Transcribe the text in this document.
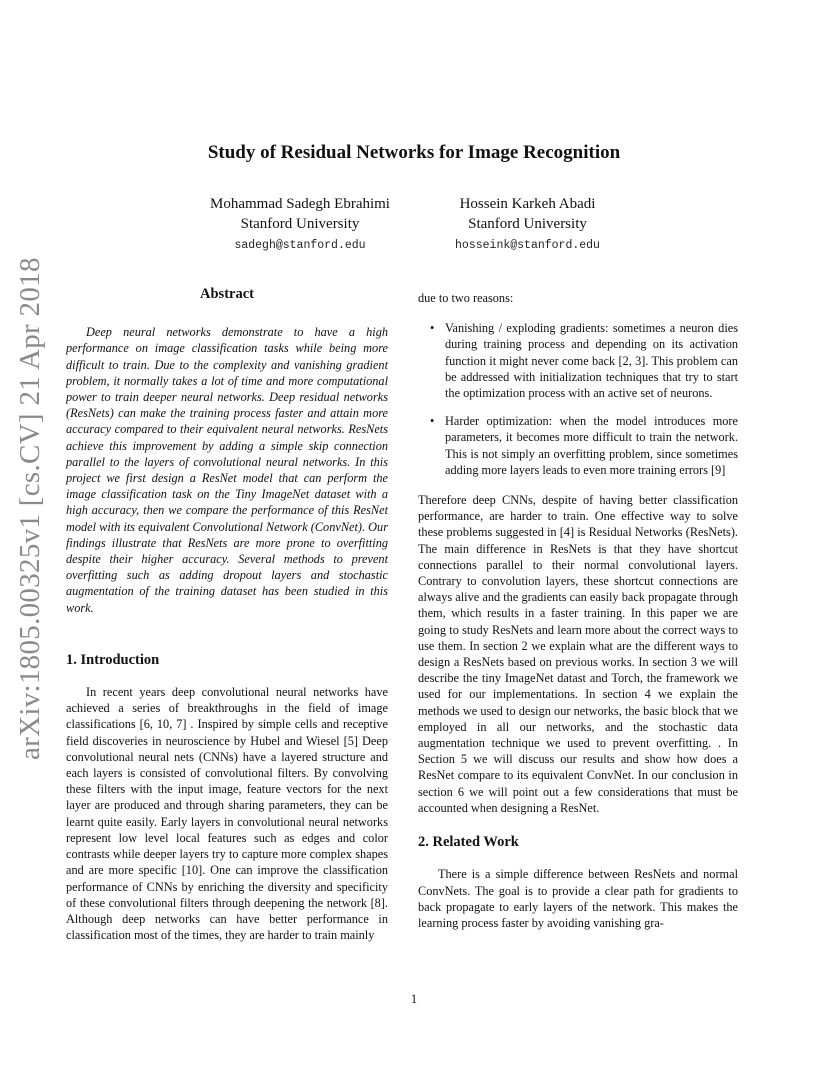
arXiv:1805.00325v1 [cs.CV] 21 Apr 2018
Study of Residual Networks for Image Recognition
Mohammad Sadegh Ebrahimi
Stanford University
sadegh@stanford.edu
Hossein Karkeh Abadi
Stanford University
hosseink@stanford.edu
Abstract

Deep neural networks demonstrate to have a high performance on image classification tasks while being more difficult to train. Due to the complexity and vanishing gradient problem, it normally takes a lot of time and more computational power to train deeper neural networks. Deep residual networks (ResNets) can make the training process faster and attain more accuracy compared to their equivalent neural networks. ResNets achieve this improvement by adding a simple skip connection parallel to the layers of convolutional neural networks. In this project we first design a ResNet model that can perform the image classification task on the Tiny ImageNet dataset with a high accuracy, then we compare the performance of this ResNet model with its equivalent Convolutional Network (ConvNet). Our findings illustrate that ResNets are more prone to overfitting despite their higher accuracy. Several methods to prevent overfitting such as adding dropout layers and stochastic augmentation of the training dataset has been studied in this work.

1. Introduction

In recent years deep convolutional neural networks have achieved a series of breakthroughs in the field of image classifications [6, 10, 7] . Inspired by simple cells and receptive field discoveries in neuroscience by Hubel and Wiesel [5] Deep convolutional neural nets (CNNs) have a layered structure and each layers is consisted of convolutional filters. By convolving these filters with the input image, feature vectors for the next layer are produced and through sharing parameters, they can be learnt quite easily. Early layers in convolutional neural networks represent low level local features such as edges and color contrasts while deeper layers try to capture more complex shapes and are more specific [10]. One can improve the classification performance of CNNs by enriching the diversity and specificity of these convolutional filters through deepening the network [8]. Although deep networks can have better performance in classification most of the times, they are harder to train mainly

due to two reasons:

• Vanishing / exploding gradients: sometimes a neuron dies during training process and depending on its activation function it might never come back [2, 3]. This problem can be addressed with initialization techniques that try to start the optimization process with an active set of neurons.
• Harder optimization: when the model introduces more parameters, it becomes more difficult to train the network. This is not simply an overfitting problem, since sometimes adding more layers leads to even more training errors [9]

Therefore deep CNNs, despite of having better classification performance, are harder to train. One effective way to solve these problems suggested in [4] is Residual Networks (ResNets). The main difference in ResNets is that they have shortcut connections parallel to their normal convolutional layers. Contrary to convolution layers, these shortcut connections are always alive and the gradients can easily back propagate through them, which results in a faster training. In this paper we are going to study ResNets and learn more about the correct ways to use them. In section 2 we explain what are the different ways to design a ResNets based on previous works. In section 3 we will describe the tiny ImageNet datast and Torch, the framework we used for our implementations. In section 4 we explain the methods we used to design our networks, the basic block that we employed in all our networks, and the stochastic data augmentation technique we used to prevent overfitting. . In Section 5 we will discuss our results and show how does a ResNet compare to its equivalent ConvNet. In our conclusion in section 6 we will point out a few considerations that must be accounted when designing a ResNet.

2. Related Work

There is a simple difference between ResNets and normal ConvNets. The goal is to provide a clear path for gradients to back propagate to early layers of the network. This makes the learning process faster by avoiding vanishing gra-

1
